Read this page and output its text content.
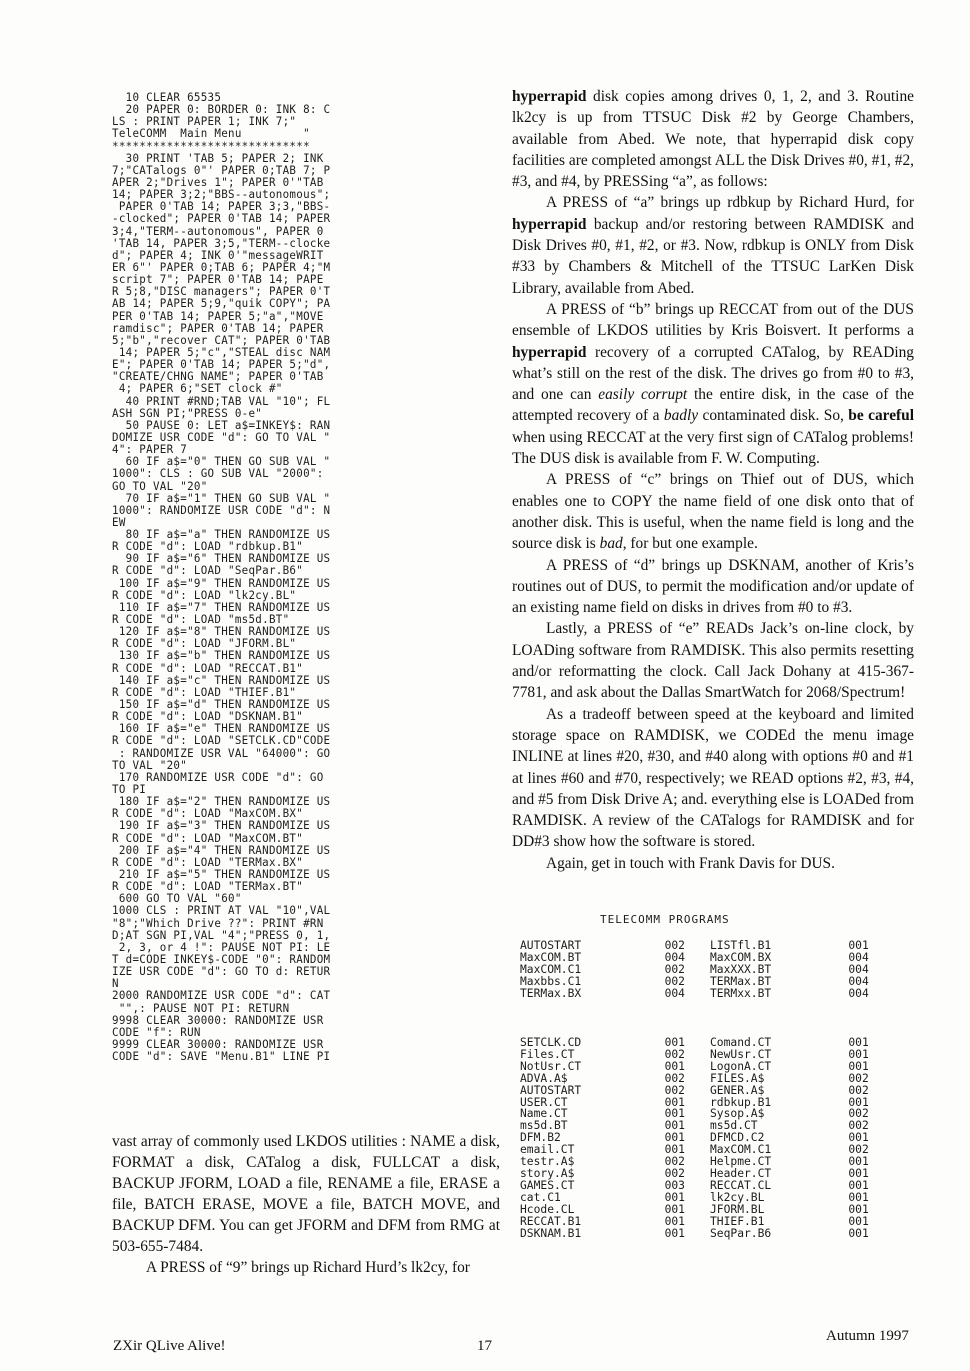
10 CLEAR 65535
20 PAPER 0: BORDER 0: INK 8: C
LS : PRINT PAPER 1; INK 7;"
TeleCOMM  Main Menu         "
*****************************
30 PRINT 'TAB 5; PAPER 2; INK
7;"CATalogs 0"' PAPER 0;TAB 7; P
APER 2;"Drives 1"; PAPER 0'"TAB
14; PAPER 3;2;"BBS--autonomous";
PAPER 0'TAB 14; PAPER 3;3,"BBS-
-clocked"; PAPER 0'TAB 14; PAPER
3;4,"TERM--autonomous", PAPER 0
'TAB 14, PAPER 3;5,"TERM--clocke
d"; PAPER 4; INK 0'"messageWRIT
ER 6"' PAPER 0;TAB 6; PAPER 4;"M
script 7"; PAPER 0'TAB 14; PAPE
R 5;8,"DISC managers"; PAPER 0'T
AB 14; PAPER 5;9,"quik COPY"; PA
PER 0'TAB 14; PAPER 5;"a","MOVE
ramdisc"; PAPER 0'TAB 14; PAPER
5;"b","recover CAT"; PAPER 0'TAB
14; PAPER 5;"c","STEAL disc NAM
E"; PAPER 0'TAB 14; PAPER 5;"d",
"CREATE/CHNG NAME"; PAPER 0'TAB
4; PAPER 6;"SET clock #"
40 PRINT #RND;TAB VAL "10"; FL
ASH SGN PI;"PRESS 0-e"
50 PAUSE 0: LET a$=INKEY$: RAN
DOMIZE USR CODE "d": GO TO VAL "
4": PAPER 7
60 IF a$="0" THEN GO SUB VAL "
1000": CLS : GO SUB VAL "2000":
GO TO VAL "20"
70 IF a$="1" THEN GO SUB VAL "
1000": RANDOMIZE USR CODE "d": N
EW
80 IF a$="a" THEN RANDOMIZE US
R CODE "d": LOAD "rdbkup.B1"
90 IF a$="6" THEN RANDOMIZE US
R CODE "d": LOAD "SeqPar.B6"
100 IF a$="9" THEN RANDOMIZE US
R CODE "d": LOAD "lk2cy.BL"
110 IF a$="7" THEN RANDOMIZE US
R CODE "d": LOAD "ms5d.BT"
120 IF a$="8" THEN RANDOMIZE US
R CODE "d": LOAD "JFORM.BL"
130 IF a$="b" THEN RANDOMIZE US
R CODE "d": LOAD "RECCAT.B1"
140 IF a$="c" THEN RANDOMIZE US
R CODE "d": LOAD "THIEF.B1"
150 IF a$="d" THEN RANDOMIZE US
R CODE "d": LOAD "DSKNAM.B1"
160 IF a$="e" THEN RANDOMIZE US
R CODE "d": LOAD "SETCLK.CD"CODE
: RANDOMIZE USR VAL "64000": GO
TO VAL "20"
170 RANDOMIZE USR CODE "d": GO
TO PI
180 IF a$="2" THEN RANDOMIZE US
R CODE "d": LOAD "MaxCOM.BX"
190 IF a$="3" THEN RANDOMIZE US
R CODE "d": LOAD "MaxCOM.BT"
200 IF a$="4" THEN RANDOMIZE US
R CODE "d": LOAD "TERMax.BX"
210 IF a$="5" THEN RANDOMIZE US
R CODE "d": LOAD "TERMax.BT"
600 GO TO VAL "60"
1000 CLS : PRINT AT VAL "10",VAL
"8";"Which Drive ??": PRINT #RN
D;AT SGN PI,VAL "4";"PRESS 0, 1,
2, 3, or 4 !": PAUSE NOT PI: LE
T d=CODE INKEY$-CODE "0": RANDOM
IZE USR CODE "d": GO TO d: RETUR
N
2000 RANDOMIZE USR CODE "d": CAT
"",: PAUSE NOT PI: RETURN
9998 CLEAR 30000: RANDOMIZE USR
CODE "f": RUN
9999 CLEAR 30000: RANDOMIZE USR
CODE "d": SAVE "Menu.B1" LINE PI

vast array of commonly used LKDOS utilities : NAME a disk, FORMAT a disk, CATalog a disk, FULLCAT a disk, BACKUP JFORM, LOAD a file, RENAME a file, ERASE a file, BATCH ERASE, MOVE a file, BATCH MOVE, and BACKUP DFM. You can get JFORM and DFM from RMG at 503-655-7484.

A PRESS of “9” brings up Richard Hurd’s lk2cy, for

hyperrapid disk copies among drives 0, 1, 2, and 3. Routine lk2cy is up from TTSUC Disk #2 by George Chambers, available from Abed. We note, that hyperrapid disk copy facilities are completed amongst ALL the Disk Drives #0, #1, #2, #3, and #4, by PRESSing “a”, as follows:

A PRESS of “a” brings up rdbkup by Richard Hurd, for hyperrapid backup and/or restoring between RAMDISK and Disk Drives #0, #1, #2, or #3. Now, rdbkup is ONLY from Disk #33 by Chambers & Mitchell of the TTSUC LarKen Disk Library, available from Abed.

A PRESS of “b” brings up RECCAT from out of the DUS ensemble of LKDOS utilities by Kris Boisvert. It performs a hyperrapid recovery of a corrupted CATalog, by READing what’s still on the rest of the disk. The drives go from #0 to #3, and one can easily corrupt the entire disk, in the case of the attempted recovery of a badly contaminated disk. So, be careful when using RECCAT at the very first sign of CATalog problems! The DUS disk is available from F. W. Computing.

A PRESS of “c” brings on Thief out of DUS, which enables one to COPY the name field of one disk onto that of another disk. This is useful, when the name field is long and the source disk is bad, for but one example.

A PRESS of “d” brings up DSKNAM, another of Kris’s routines out of DUS, to permit the modification and/or update of an existing name field on disks in drives from #0 to #3.

Lastly, a PRESS of “e” READs Jack’s on-line clock, by LOADing software from RAMDISK. This also permits resetting and/or reformatting the clock. Call Jack Dohany at 415-367-7781, and ask about the Dallas SmartWatch for 2068/Spectrum!

As a tradeoff between speed at the keyboard and limited storage space on RAMDISK, we CODEd the menu image INLINE at lines #20, #30, and #40 along with options #0 and #1 at lines #60 and #70, respectively; we READ options #2, #3, #4, and #5 from Disk Drive A; and. everything else is LOADed from RAMDISK. A review of the CATalogs for RAMDISK and for DD#3 show how the software is stored.

Again, get in touch with Frank Davis for DUS.

TELECOMM PROGRAMS
AUTOSTART	002	LISTfl.B1	001
MaxCOM.BT	004	MaxCOM.BX	004
MaxCOM.C1	002	MaxXXX.BT	004
Maxbbs.C1	002	TERMax.BT	004
TERMax.BX	004	TERMxx.BT	004
SETCLK.CD	001	Comand.CT	001
Files.CT	002	NewUsr.CT	001
NotUsr.CT	001	LogonA.CT	001
ADVA.A$	002	FILES.A$	002
AUTOSTART	002	GENER.A$	002
USER.CT	001	rdbkup.B1	001
Name.CT	001	Sysop.A$	002
ms5d.BT	001	ms5d.CT	002
DFM.B2	001	DFMCD.C2	001
email.CT	001	MaxCOM.C1	002
testr.A$	002	Helpme.CT	001
story.A$	002	Header.CT	001
GAMES.CT	003	RECCAT.CL	001
cat.C1	001	lk2cy.BL	001
Hcode.CL	001	JFORM.BL	001
RECCAT.B1	001	THIEF.B1	001
DSKNAM.B1	001	SeqPar.B6	001
ZXir QLive Alive!	17
Autumn 1997
